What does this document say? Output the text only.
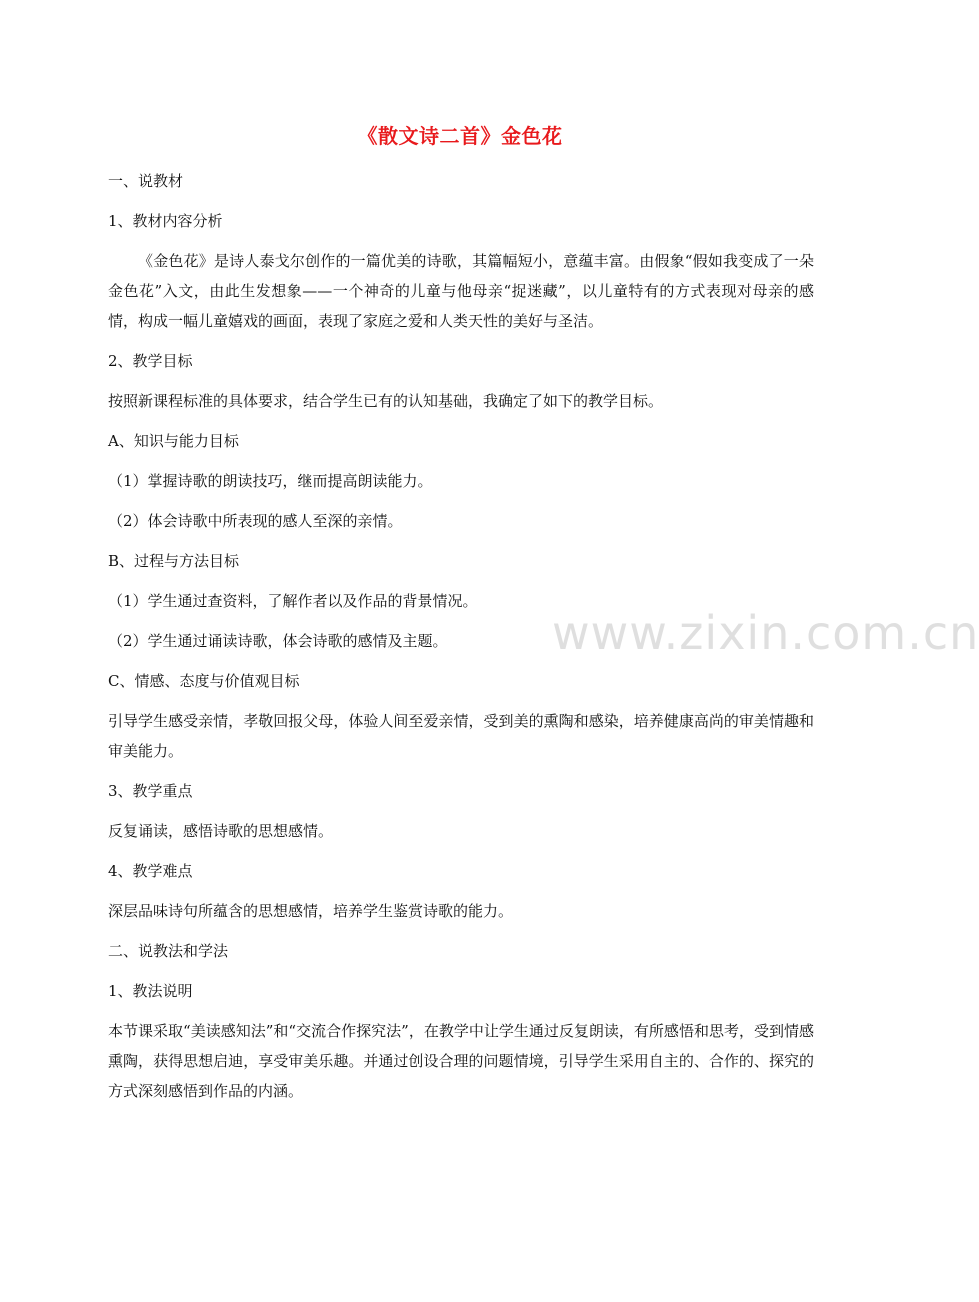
《散文诗二首》金色花
一、说教材
1、教材内容分析
《金色花》是诗人泰戈尔创作的一篇优美的诗歌，其篇幅短小，意蕴丰富。由假象“假如我变成了一朵金色花”入文，由此生发想象——一个神奇的儿童与他母亲“捉迷藏”，以儿童特有的方式表现对母亲的感情，构成一幅儿童嬉戏的画面，表现了家庭之爱和人类天性的美好与圣洁。
2、教学目标
按照新课程标准的具体要求，结合学生已有的认知基础，我确定了如下的教学目标。
A、知识与能力目标
（1）掌握诗歌的朗读技巧，继而提高朗读能力。
（2）体会诗歌中所表现的感人至深的亲情。
B、过程与方法目标
（1）学生通过查资料，了解作者以及作品的背景情况。
（2）学生通过诵读诗歌，体会诗歌的感情及主题。
C、情感、态度与价值观目标
引导学生感受亲情，孝敬回报父母，体验人间至爱亲情，受到美的熏陶和感染，培养健康高尚的审美情趣和审美能力。
3、教学重点
反复诵读，感悟诗歌的思想感情。
4、教学难点
深层品味诗句所蕴含的思想感情，培养学生鉴赏诗歌的能力。
二、说教法和学法
1、教法说明
本节课采取“美读感知法”和“交流合作探究法”，在教学中让学生通过反复朗读，有所感悟和思考，受到情感熏陶，获得思想启迪，享受审美乐趣。并通过创设合理的问题情境，引导学生采用自主的、合作的、探究的方式深刻感悟到作品的内涵。
www.zixin.com.cn
